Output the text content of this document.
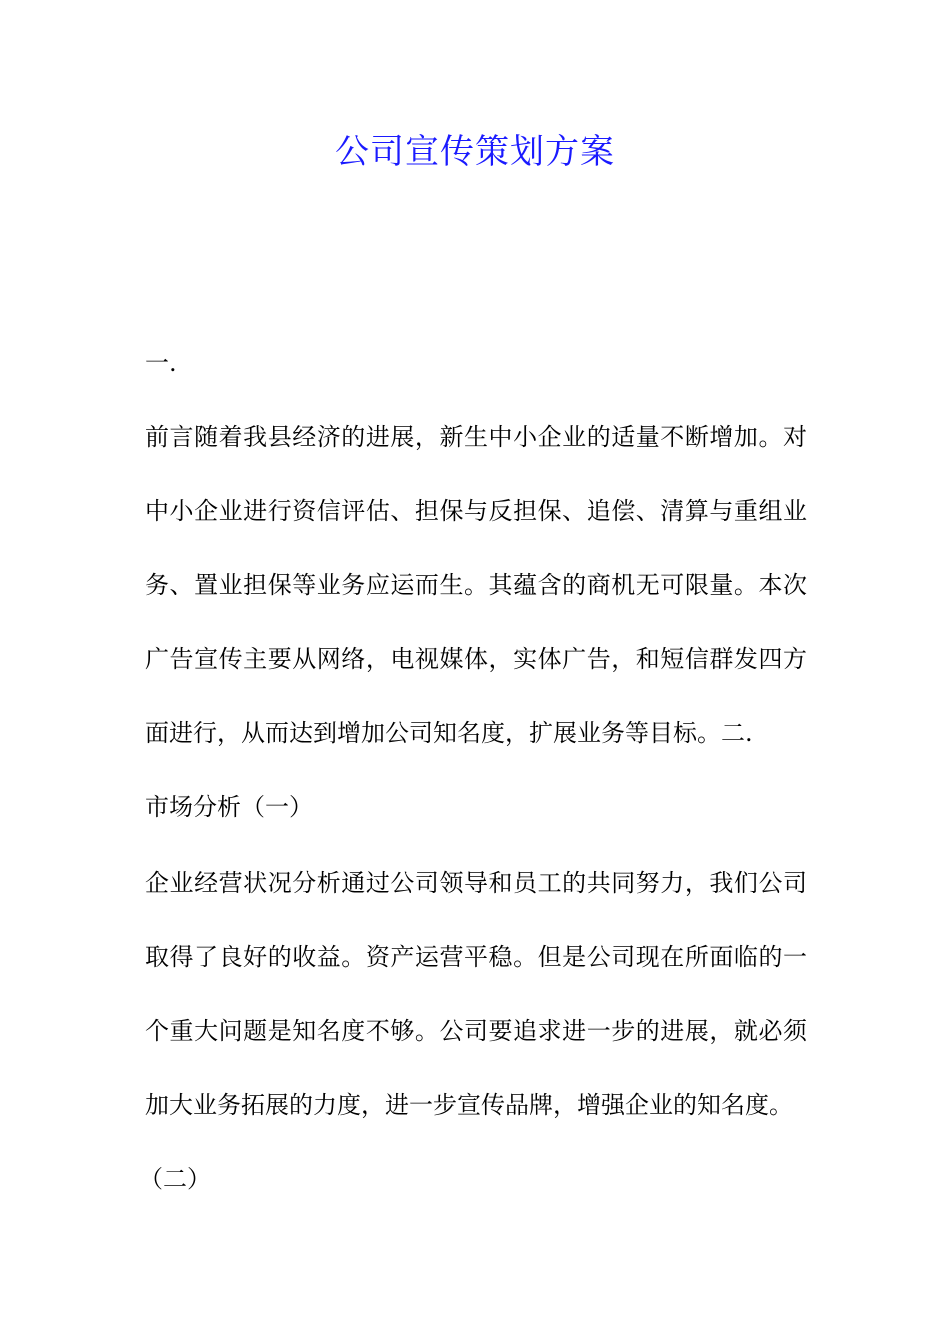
公司宣传策划方案
一.
前言随着我县经济的进展，新生中小企业的适量不断增加。对
中小企业进行资信评估、担保与反担保、追偿、清算与重组业
务、置业担保等业务应运而生。其蕴含的商机无可限量。本次
广告宣传主要从网络，电视媒体，实体广告，和短信群发四方
面进行，从而达到增加公司知名度，扩展业务等目标。二.
市场分析（一）
企业经营状况分析通过公司领导和员工的共同努力，我们公司
取得了良好的收益。资产运营平稳。但是公司现在所面临的一
个重大问题是知名度不够。公司要追求进一步的进展，就必须
加大业务拓展的力度，进一步宣传品牌，增强企业的知名度。
（二）
